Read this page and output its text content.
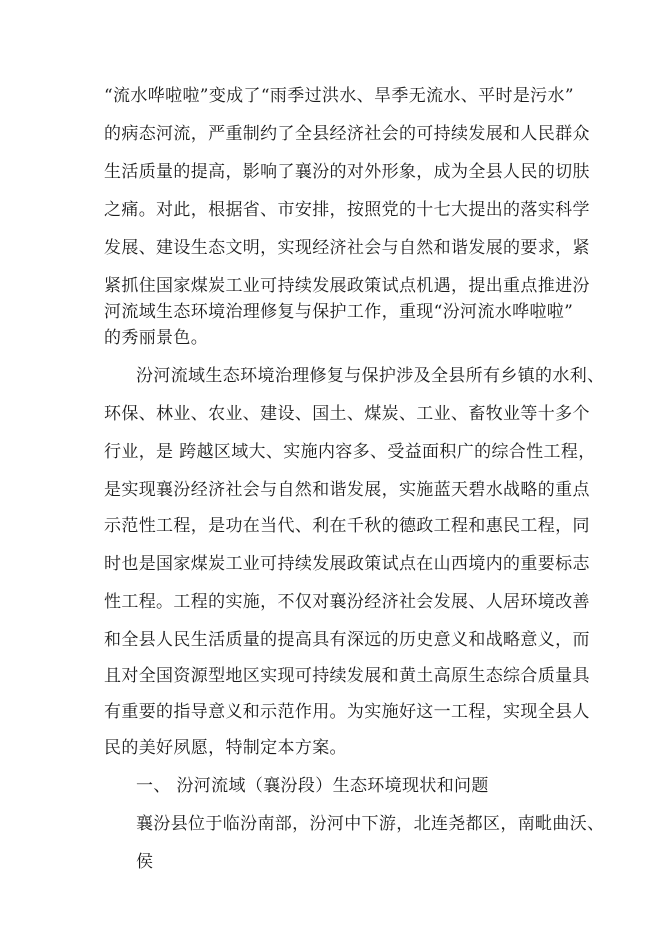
“流水哗啦啦”变成了“雨季过洪水、旱季无流水、平时是污水”
的病态河流，严重制约了全县经济社会的可持续发展和人民群众
生活质量的提高，影响了襄汾的对外形象，成为全县人民的切肤
之痛。对此，根据省、市安排，按照党的十七大提出的落实科学
发展、建设生态文明，实现经济社会与自然和谐发展的要求，紧
紧抓住国家煤炭工业可持续发展政策试点机遇，提出重点推进汾
河流域生态环境治理修复与保护工作，重现“汾河流水哗啦啦”
的秀丽景色。
汾河流域生态环境治理修复与保护涉及全县所有乡镇的水利、
环保、林业、农业、建设、国土、煤炭、工业、畜牧业等十多个
行业，是 跨越区域大、实施内容多、受益面积广的综合性工程，
是实现襄汾经济社会与自然和谐发展，实施蓝天碧水战略的重点
示范性工程，是功在当代、利在千秋的德政工程和惠民工程，同
时也是国家煤炭工业可持续发展政策试点在山西境内的重要标志
性工程。工程的实施，不仅对襄汾经济社会发展、人居环境改善
和全县人民生活质量的提高具有深远的历史意义和战略意义，而
且对全国资源型地区实现可持续发展和黄土高原生态综合质量具
有重要的指导意义和示范作用。为实施好这一工程，实现全县人
民的美好夙愿，特制定本方案。
一、 汾河流域（襄汾段）生态环境现状和问题
襄汾县位于临汾南部，汾河中下游，北连尧都区，南毗曲沃、
侯
